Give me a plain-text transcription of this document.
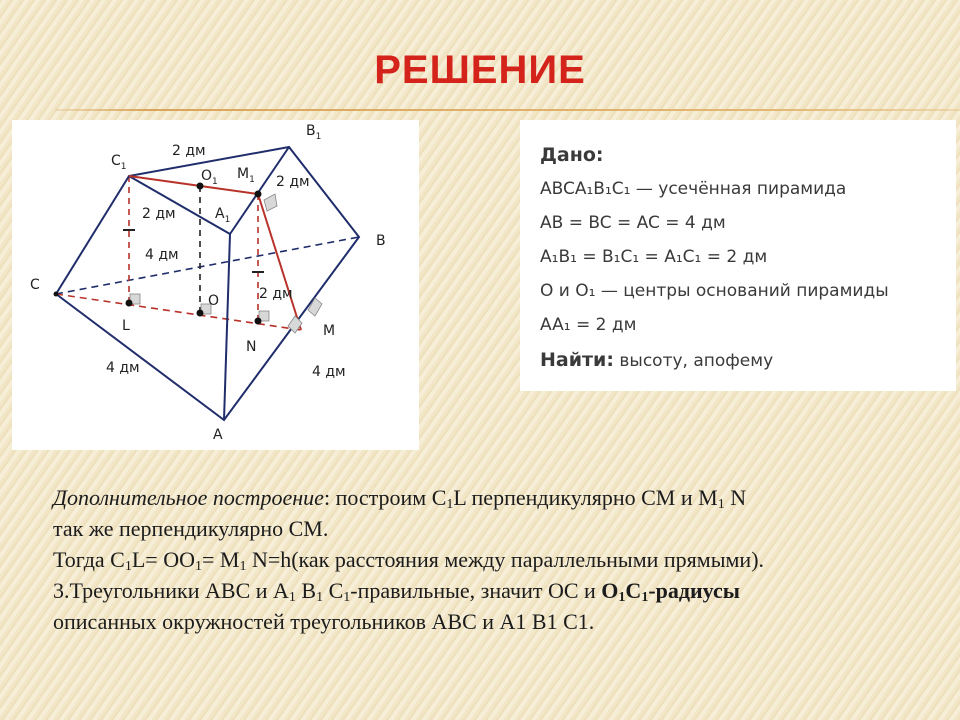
РЕШЕНИЕ
$C_1$
$O_1$ $M_1$
$B_1$
$A_1$
C
B
L
O
N
M
A
2 дм
2 дм
2 дм
4 дм
2 дм
4 дм	4 дм
Дано:
ABCA₁B₁C₁ — усечённая пирамида
AB = BC = AC = 4 дм
A₁B₁ = B₁C₁ = A₁C₁ = 2 дм
О и О₁ — центры оснований пирамиды
AA₁ = 2 дм
Найти: высоту, апофему

Дополнительное построение: построим $C_1L$ перпендикулярно CM и $M_1$ N

так же перпендикулярно CM.

Тогда $C_1L= OO_1= M_1$ N=h(как расстояния между параллельными прямыми).

3.Треугольники ABC и $A_1$ $B_1$ $C_1$-правильные, значит OC и $O_1C_1$-радиусы

описанных окружностей треугольников ABC и A1 B1 C1.
